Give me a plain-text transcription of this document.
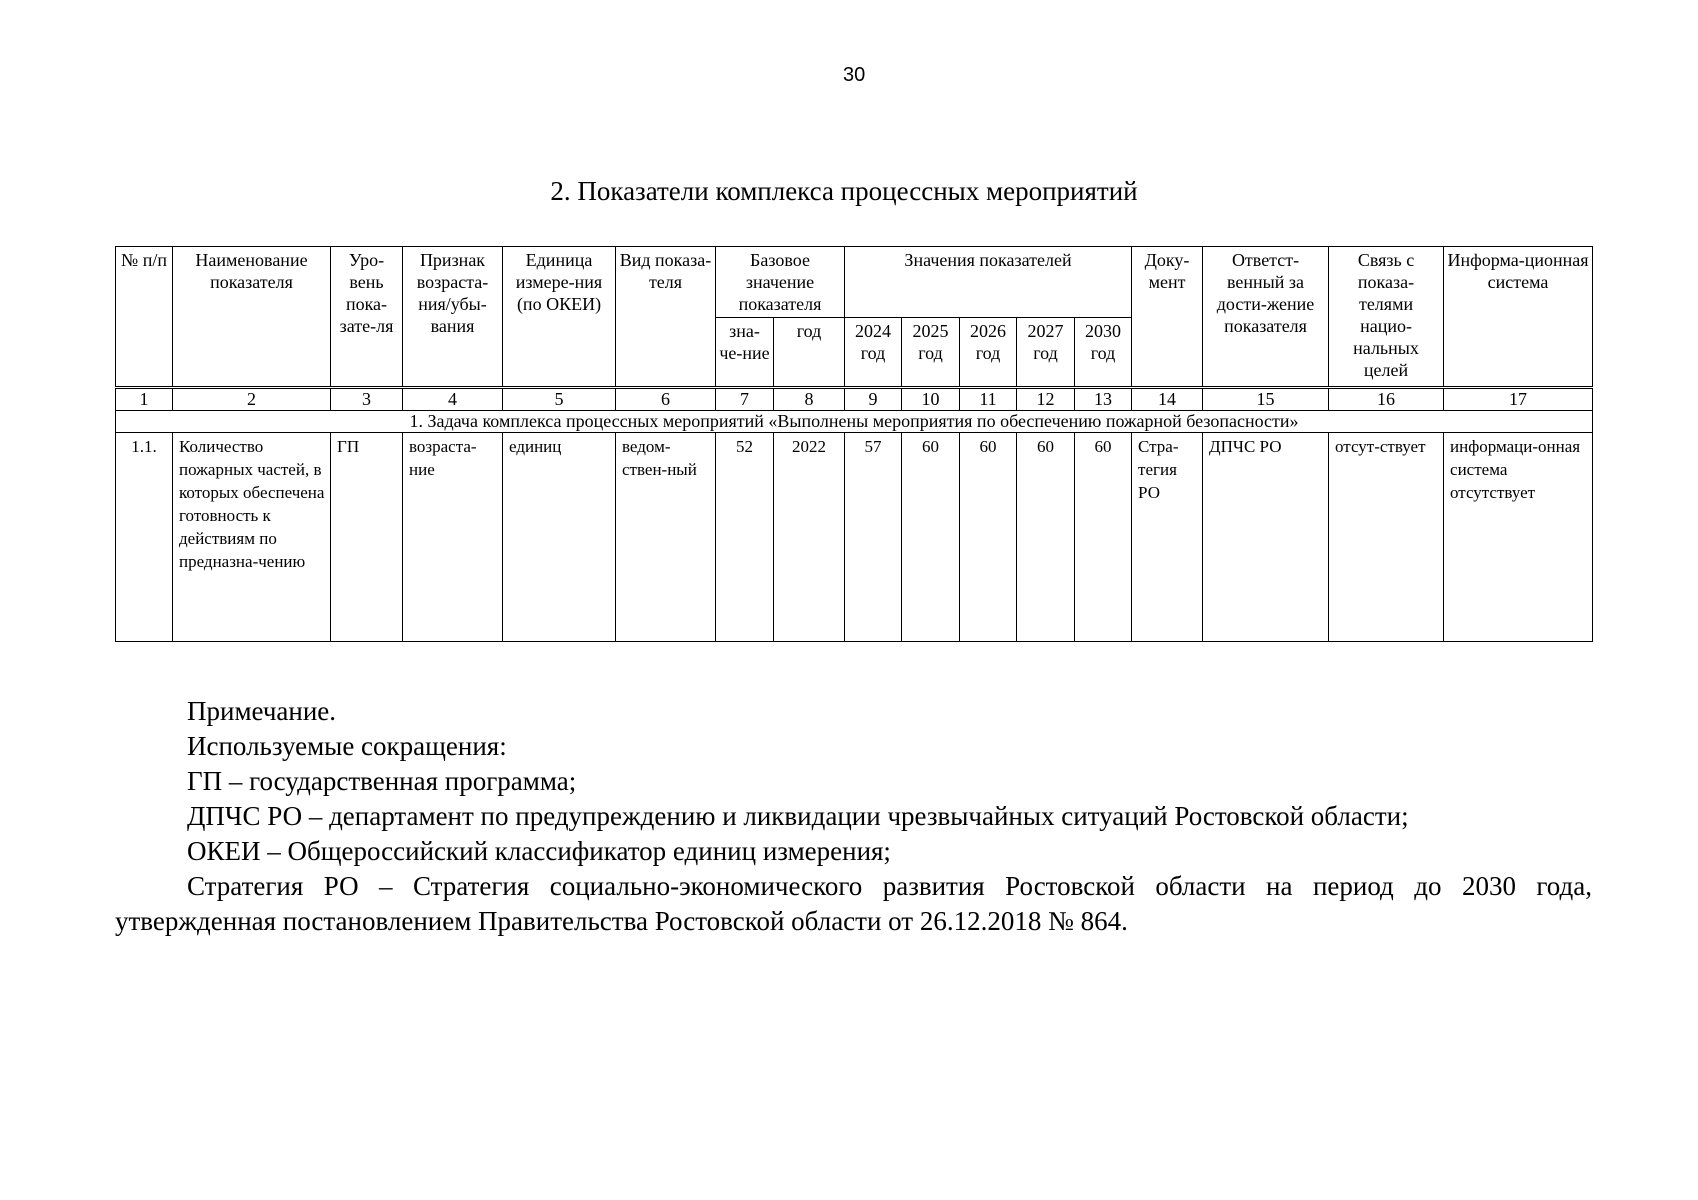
30
2. Показатели комплекса процессных мероприятий
№ п/п	Наименование показателя	Уро-вень пока-зате-ля	Признак возраста-ния/убы-вания	Единица измере-ния (по ОКЕИ)	Вид показа-теля	Базовое значение показателя		Значения показателей					Доку-мент	Ответст-венный за дости-жение показателя	Связь с показа-телями нацио-нальных целей	Информа-ционная система
						зна-че-ние	год	2024 год	2025 год	2026 год	2027 год	2030 год				
1	2	3	4	5	6	7	8	9	10	11	12	13	14	15	16	17
1. Задача комплекса процессных мероприятий «Выполнены мероприятия по обеспечению пожарной безопасности»																
1.1.	Количество пожарных частей, в которых обеспечена готовность к действиям по предназна-чению	ГП	возраста-ние	единиц	ведом-ствен-ный	52	2022	57	60	60	60	60	Стра-тегия РО	ДПЧС РО	отсут-ствует	информаци-онная система отсутствует

Примечание.

Используемые сокращения:

ГП – государственная программа;

ДПЧС РО – департамент по предупреждению и ликвидации чрезвычайных ситуаций Ростовской области;

ОКЕИ – Общероссийский классификатор единиц измерения;

Стратегия РО – Стратегия социально-экономического развития Ростовской области на период до 2030 года, утвержденная постановлением Правительства Ростовской области от 26.12.2018 № 864.
